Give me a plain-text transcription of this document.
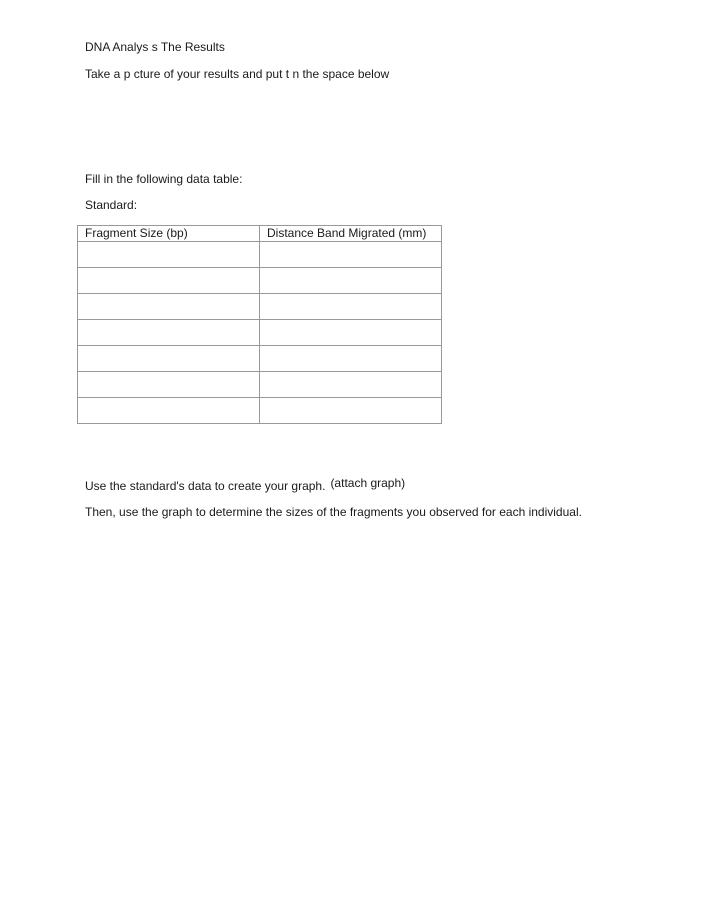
DNA Analys s The Results
Take a p cture of your results and put t n the space below
Fill in the following data table:
Standard:
Fragment Size (bp)	Distance Band Migrated (mm)

Use the standard's data to create your graph. (attach graph)
Then, use the graph to determine the sizes of the fragments you observed for each individual.
